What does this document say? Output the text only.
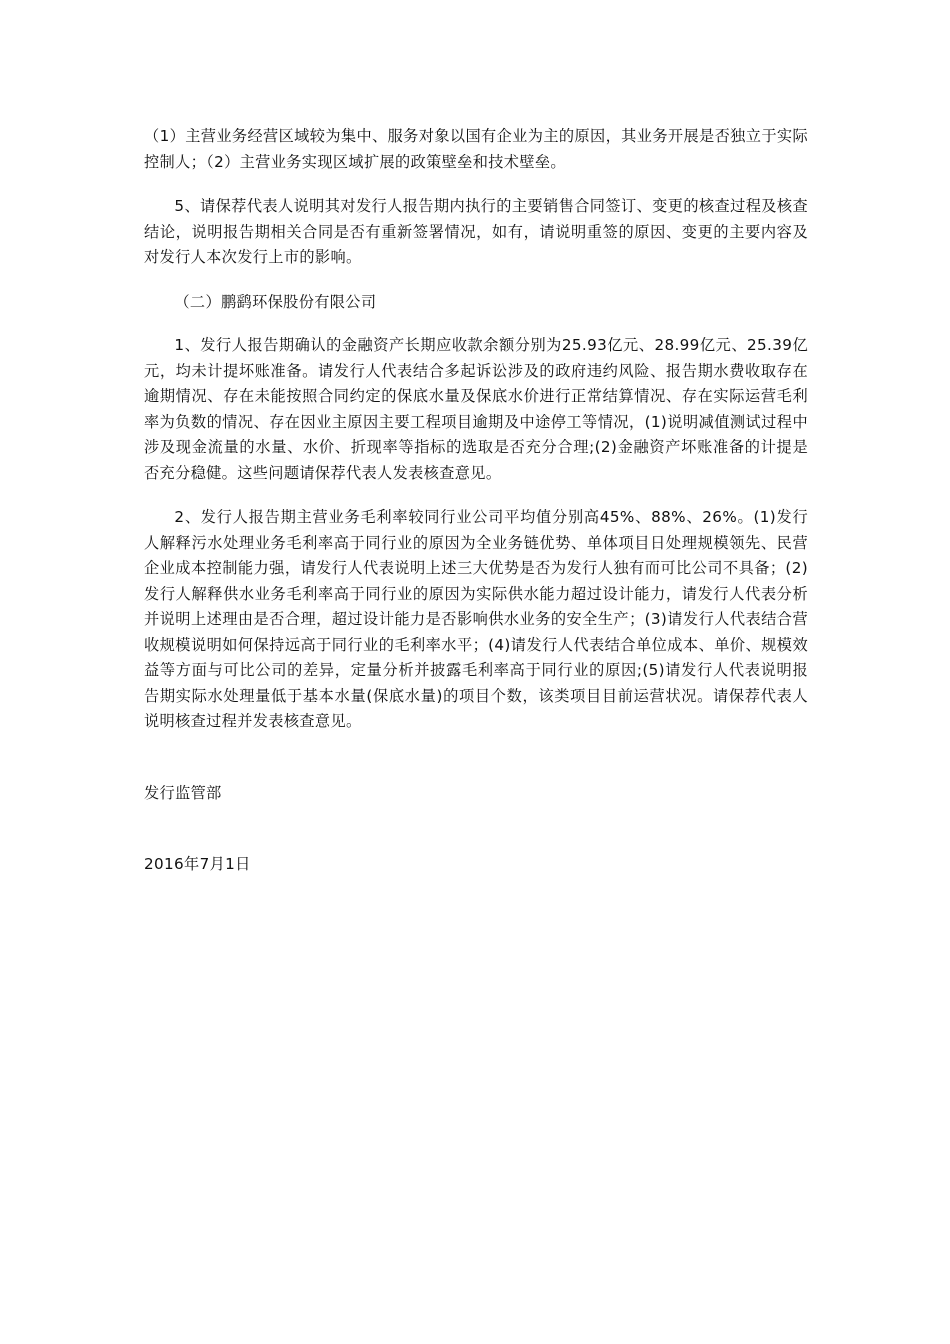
（1）主营业务经营区域较为集中、服务对象以国有企业为主的原因，其业务开展是否独立于实际控制人；（2）主营业务实现区域扩展的政策壁垒和技术壁垒。

5、请保荐代表人说明其对发行人报告期内执行的主要销售合同签订、变更的核查过程及核查结论，说明报告期相关合同是否有重新签署情况，如有，请说明重签的原因、变更的主要内容及对发行人本次发行上市的影响。

（二）鹏鹞环保股份有限公司

1、发行人报告期确认的金融资产长期应收款余额分别为25.93亿元、28.99亿元、25.39亿元，均未计提坏账准备。请发行人代表结合多起诉讼涉及的政府违约风险、报告期水费收取存在逾期情况、存在未能按照合同约定的保底水量及保底水价进行正常结算情况、存在实际运营毛利率为负数的情况、存在因业主原因主要工程项目逾期及中途停工等情况，(1)说明减值测试过程中涉及现金流量的水量、水价、折现率等指标的选取是否充分合理;(2)金融资产坏账准备的计提是否充分稳健。这些问题请保荐代表人发表核查意见。

2、发行人报告期主营业务毛利率较同行业公司平均值分别高45%、88%、26%。(1)发行人解释污水处理业务毛利率高于同行业的原因为全业务链优势、单体项目日处理规模领先、民营企业成本控制能力强，请发行人代表说明上述三大优势是否为发行人独有而可比公司不具备；(2)发行人解释供水业务毛利率高于同行业的原因为实际供水能力超过设计能力，请发行人代表分析并说明上述理由是否合理，超过设计能力是否影响供水业务的安全生产；(3)请发行人代表结合营收规模说明如何保持远高于同行业的毛利率水平；(4)请发行人代表结合单位成本、单价、规模效益等方面与可比公司的差异，定量分析并披露毛利率高于同行业的原因;(5)请发行人代表说明报告期实际水处理量低于基本水量(保底水量)的项目个数，该类项目目前运营状况。请保荐代表人说明核查过程并发表核查意见。

发行监管部

2016年7月1日
